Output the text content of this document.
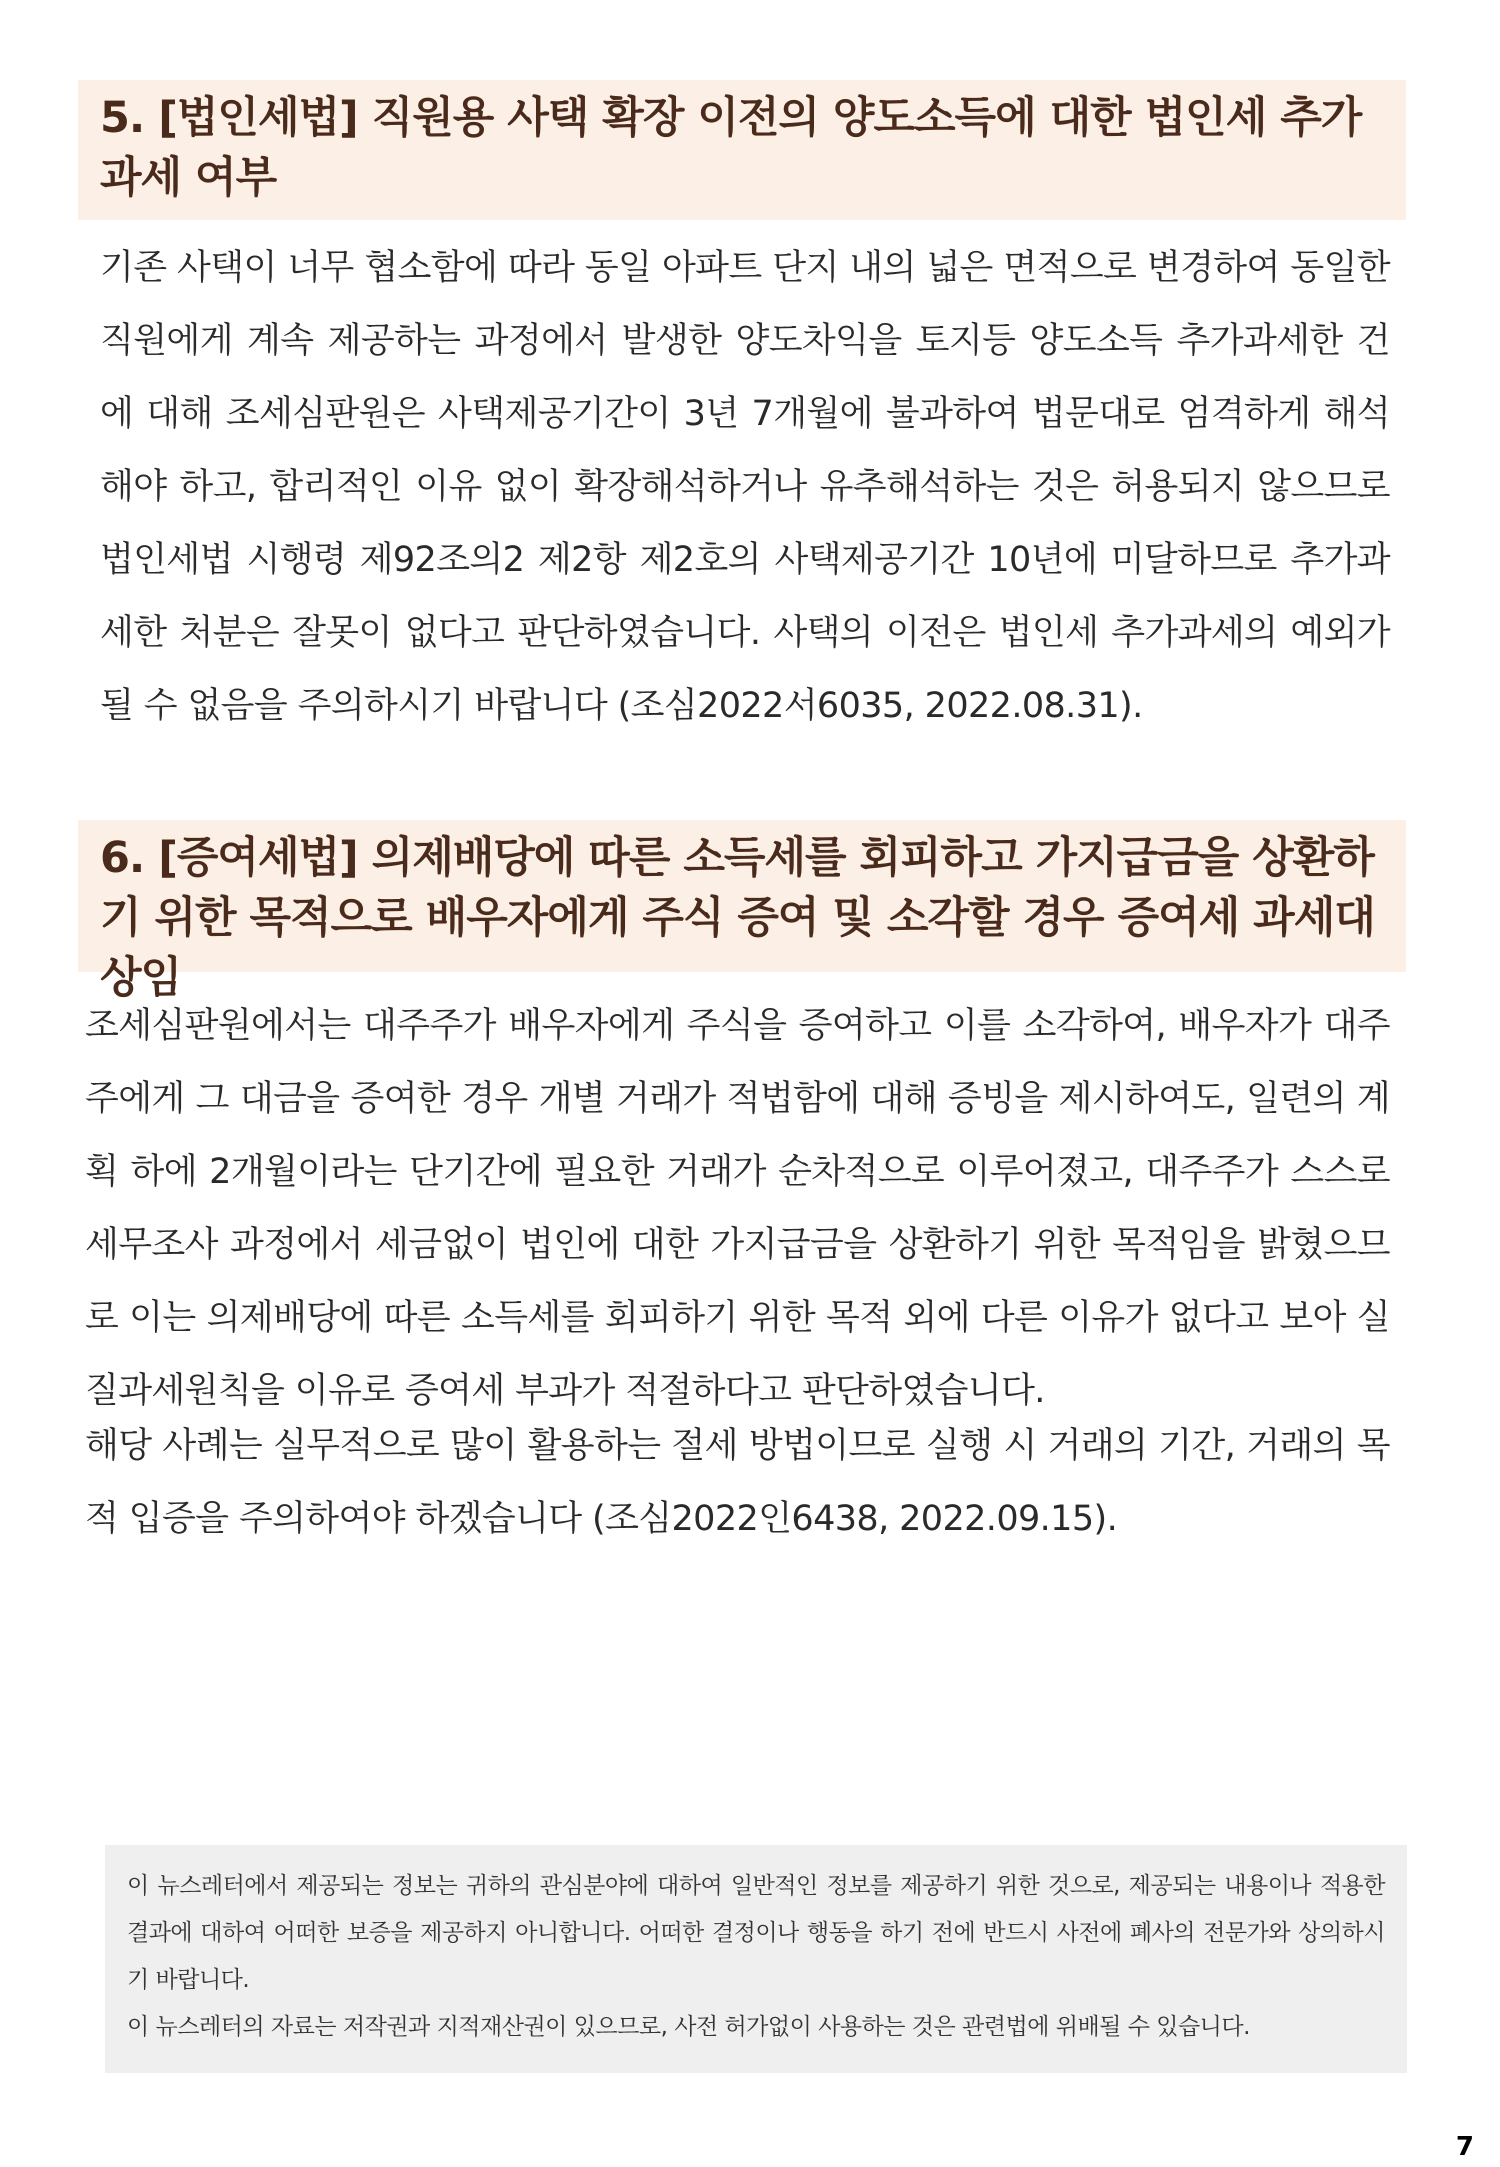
5. [법인세법] 직원용 사택 확장 이전의 양도소득에 대한 법인세 추가과세 여부
기존 사택이 너무 협소함에 따라 동일 아파트 단지 내의 넓은 면적으로 변경하여 동일한 직원에게 계속 제공하는 과정에서 발생한 양도차익을 토지등 양도소득 추가과세한 건에 대해 조세심판원은 사택제공기간이 3년 7개월에 불과하여 법문대로 엄격하게 해석해야 하고, 합리적인 이유 없이 확장해석하거나 유추해석하는 것은 허용되지 않으므로 법인세법 시행령 제92조의2 제2항 제2호의 사택제공기간 10년에 미달하므로 추가과세한 처분은 잘못이 없다고 판단하였습니다. 사택의 이전은 법인세 추가과세의 예외가 될 수 없음을 주의하시기 바랍니다 (조심2022서6035, 2022.08.31).
6. [증여세법] 의제배당에 따른 소득세를 회피하고 가지급금을 상환하기 위한 목적으로 배우자에게 주식 증여 및 소각할 경우 증여세 과세대상임
조세심판원에서는 대주주가 배우자에게 주식을 증여하고 이를 소각하여, 배우자가 대주주에게 그 대금을 증여한 경우 개별 거래가 적법함에 대해 증빙을 제시하여도, 일련의 계획 하에 2개월이라는 단기간에 필요한 거래가 순차적으로 이루어졌고, 대주주가 스스로 세무조사 과정에서 세금없이 법인에 대한 가지급금을 상환하기 위한 목적임을 밝혔으므로 이는 의제배당에 따른 소득세를 회피하기 위한 목적 외에 다른 이유가 없다고 보아 실질과세원칙을 이유로 증여세 부과가 적절하다고 판단하였습니다.
해당 사례는 실무적으로 많이 활용하는 절세 방법이므로 실행 시 거래의 기간, 거래의 목적 입증을 주의하여야 하겠습니다 (조심2022인6438, 2022.09.15).

이 뉴스레터에서 제공되는 정보는 귀하의 관심분야에 대하여 일반적인 정보를 제공하기 위한 것으로, 제공되는 내용이나 적용한 결과에 대하여 어떠한 보증을 제공하지 아니합니다. 어떠한 결정이나 행동을 하기 전에 반드시 사전에 폐사의 전문가와 상의하시기 바랍니다.

이 뉴스레터의 자료는 저작권과 지적재산권이 있으므로, 사전 허가없이 사용하는 것은 관련법에 위배될 수 있습니다.

7
